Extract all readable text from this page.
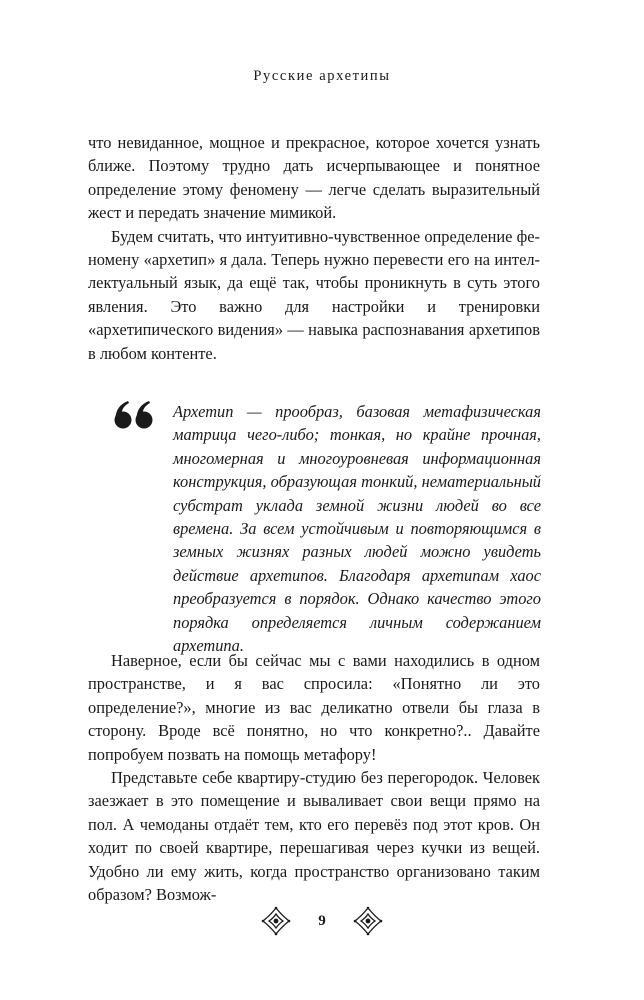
Русские архетипы

что невиданное, мощное и прекрасное, которое хочется узнать ближе. Поэтому трудно дать исчерпывающее и понятное определение этому феномену — легче сделать выразительный жест и передать значение мимикой.

Будем считать, что интуитивно-чувственное определение феномену «архетип» я дала. Теперь нужно перевести его на интеллектуальный язык, да ещё так, чтобы проникнуть в суть этого явления. Это важно для настройки и тренировки «архетипического видения» — навыка распознавания архетипов в любом контенте.

Архетип — прообраз, базовая метафизическая матрица чего-либо; тонкая, но крайне прочная, многомерная и многоуровневая информационная конструкция, образующая тонкий, нематериальный субстрат уклада земной жизни людей во все времена. За всем устойчивым и повторяющимся в земных жизнях разных людей можно увидеть действие архетипов. Благодаря архетипам хаос преобразуется в порядок. Однако качество этого порядка определяется личным содержанием архетипа.

Наверное, если бы сейчас мы с вами находились в одном пространстве, и я вас спросила: «Понятно ли это определение?», многие из вас деликатно отвели бы глаза в сторону. Вроде всё понятно, но что конкретно?.. Давайте попробуем позвать на помощь метафору!

Представьте себе квартиру-студию без перегородок. Человек заезжает в это помещение и вываливает свои вещи прямо на пол. А чемоданы отдаёт тем, кто его перевёз под этот кров. Он ходит по своей квартире, перешагивая через кучки из вещей. Удобно ли ему жить, когда пространство организовано таким образом? Возмож-

9
